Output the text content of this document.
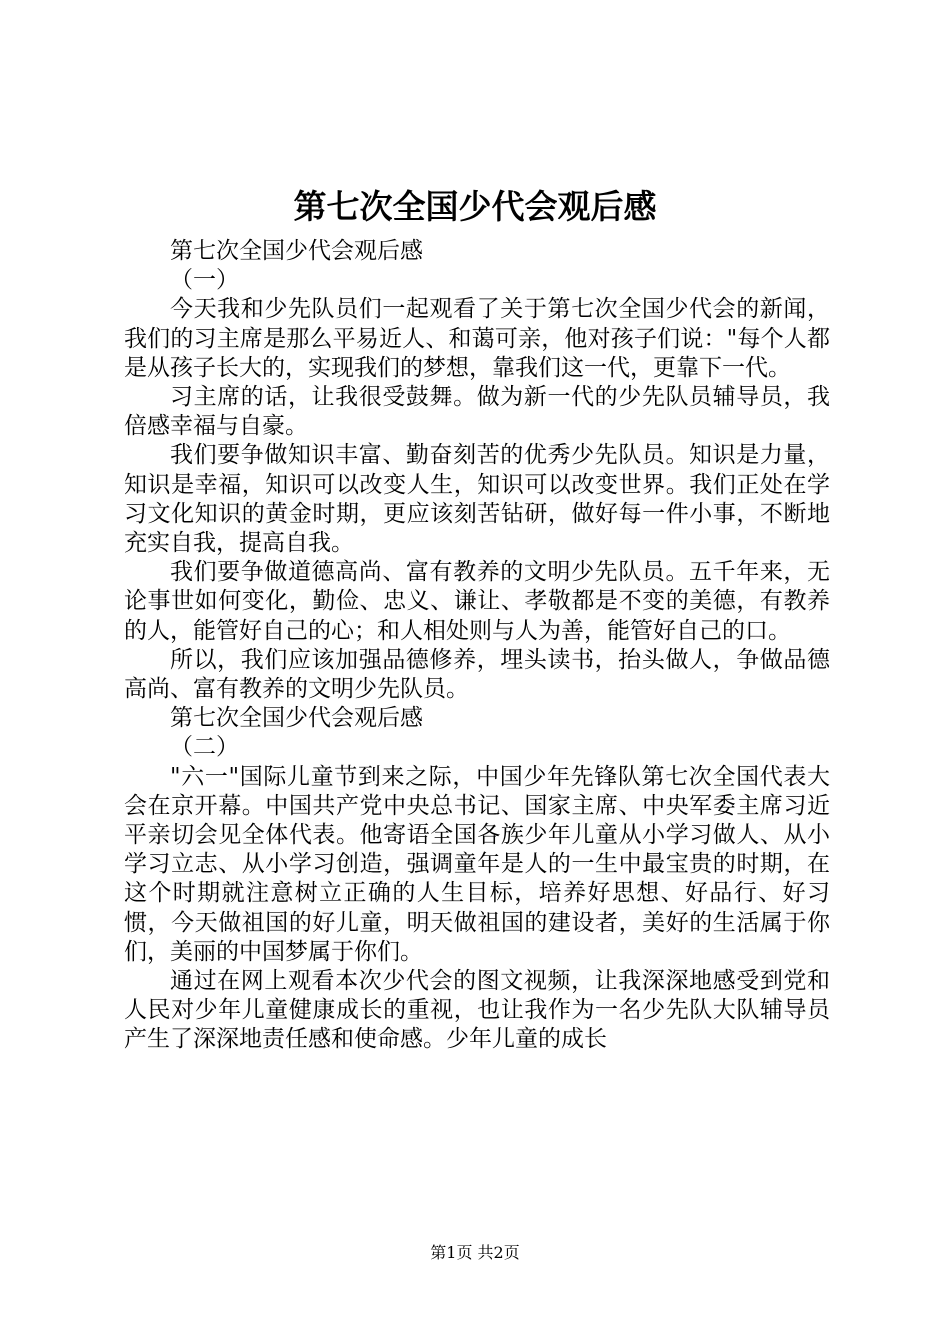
第七次全国少代会观后感

第七次全国少代会观后感

（一）

今天我和少先队员们一起观看了关于第七次全国少代会的新闻，我们的习主席是那么平易近人、和蔼可亲，他对孩子们说："每个人都是从孩子长大的，实现我们的梦想，靠我们这一代，更靠下一代。

习主席的话，让我很受鼓舞。做为新一代的少先队员辅导员，我倍感幸福与自豪。

我们要争做知识丰富、勤奋刻苦的优秀少先队员。知识是力量，知识是幸福，知识可以改变人生，知识可以改变世界。我们正处在学习文化知识的黄金时期，更应该刻苦钻研，做好每一件小事，不断地充实自我，提高自我。

我们要争做道德高尚、富有教养的文明少先队员。五千年来，无论事世如何变化，勤俭、忠义、谦让、孝敬都是不变的美德，有教养的人，能管好自己的心；和人相处则与人为善，能管好自己的口。

所以，我们应该加强品德修养，埋头读书，抬头做人，争做品德高尚、富有教养的文明少先队员。

第七次全国少代会观后感

（二）

"六一"国际儿童节到来之际，中国少年先锋队第七次全国代表大会在京开幕。中国共产党中央总书记、国家主席、中央军委主席习近平亲切会见全体代表。他寄语全国各族少年儿童从小学习做人、从小学习立志、从小学习创造，强调童年是人的一生中最宝贵的时期，在这个时期就注意树立正确的人生目标，培养好思想、好品行、好习惯，今天做祖国的好儿童，明天做祖国的建设者，美好的生活属于你们，美丽的中国梦属于你们。

通过在网上观看本次少代会的图文视频，让我深深地感受到党和人民对少年儿童健康成长的重视，也让我作为一名少先队大队辅导员产生了深深地责任感和使命感。少年儿童的成长

第1页 共2页
